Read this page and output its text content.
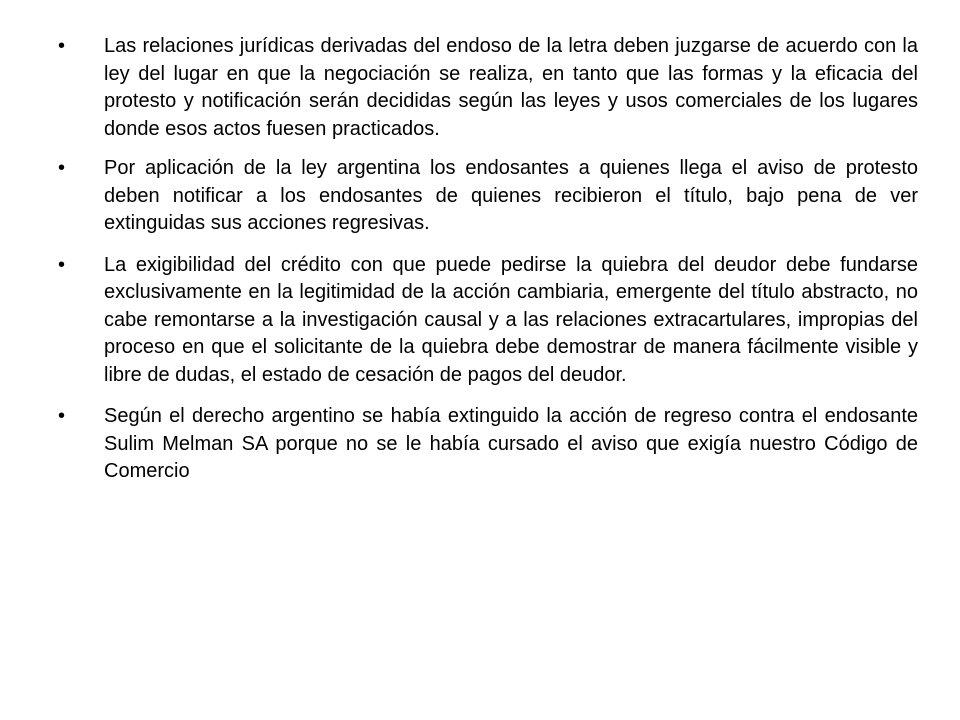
•	Las relaciones jurídicas derivadas del endoso de la letra deben juzgarse de acuerdo con la ley del lugar en que la negociación se realiza, en tanto que las formas y la eficacia del protesto y notificación serán decididas según las leyes y usos comerciales de los lugares donde esos actos fuesen practicados.
•	Por aplicación de la ley argentina los endosantes a quienes llega el aviso de protesto deben notificar a los endosantes de quienes recibieron el título, bajo pena de ver extinguidas sus acciones regresivas.
•	La exigibilidad del crédito con que puede pedirse la quiebra del deudor debe fundarse exclusivamente en la legitimidad de la acción cambiaria, emergente del título abstracto, no cabe remontarse a la investigación causal y a las relaciones extracartulares, impropias del proceso en que el solicitante de la quiebra debe demostrar de manera fácilmente visible y libre de dudas, el estado de cesación de pagos del deudor.
•	Según el derecho argentino se había extinguido la acción de regreso contra el endosante Sulim Melman SA porque no se le había cursado el aviso que exigía nuestro Código de Comercio
